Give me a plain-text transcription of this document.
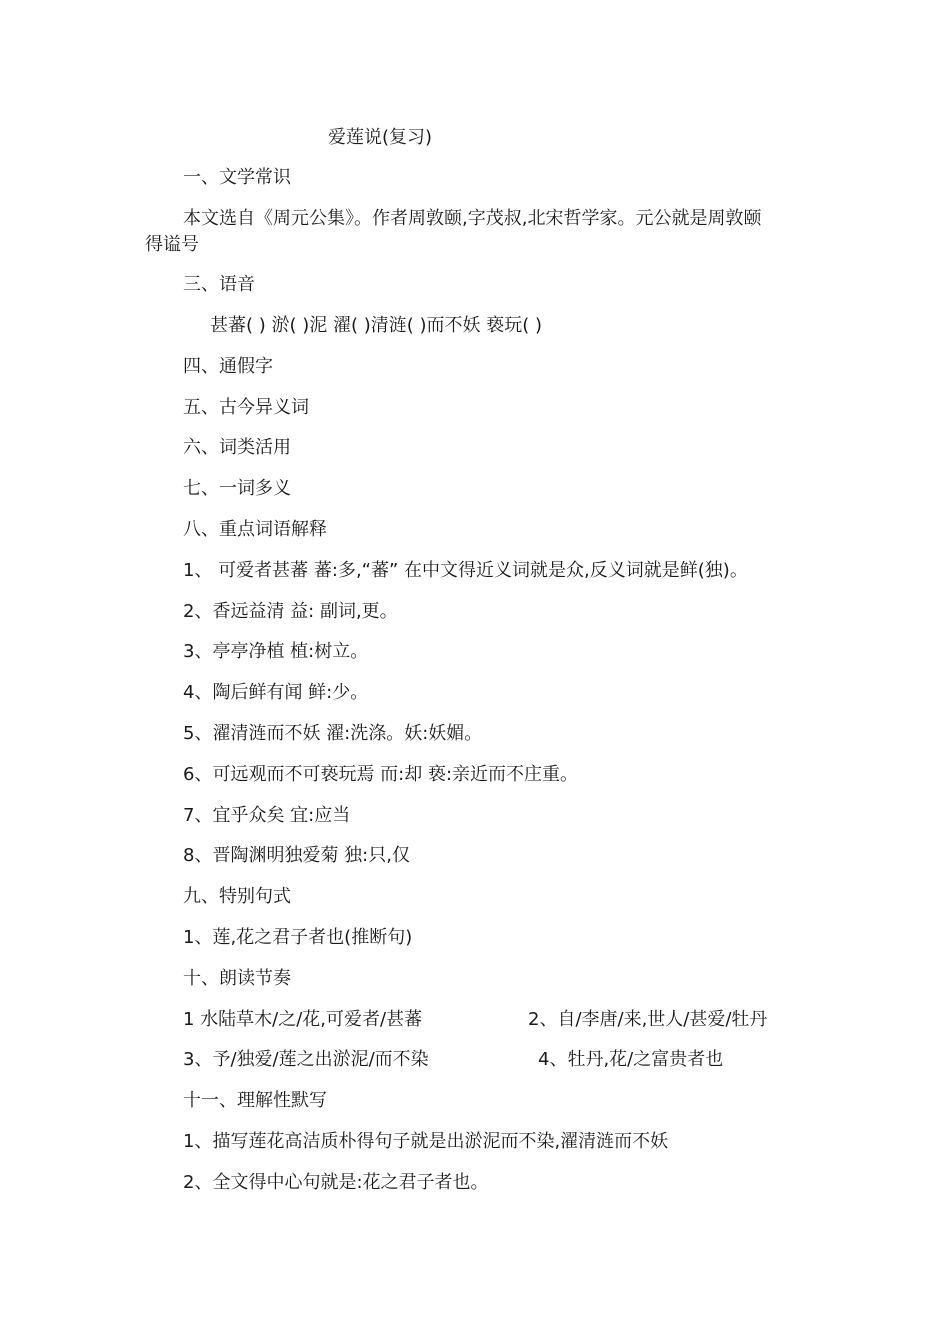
爱莲说(复习)
一、文学常识
本文选自《周元公集》。作者周敦颐,字茂叔,北宋哲学家。元公就是周敦颐
得谥号
三、语音
甚蕃( ) 淤( )泥 濯( )清涟( )而不妖 亵玩( )
四、通假字
五、古今异义词
六、词类活用
七、一词多义
八、重点词语解释
1、 可爱者甚蕃 蕃:多,“蕃” 在中文得近义词就是众,反义词就是鲜(独)。
2、香远益清 益: 副词,更。
3、亭亭净植 植:树立。
4、陶后鲜有闻 鲜:少。
5、濯清涟而不妖 濯:洗涤。妖:妖媚。
6、可远观而不可亵玩焉 而:却 亵:亲近而不庄重。
7、宜乎众矣 宜:应当
8、晋陶渊明独爱菊 独:只,仅
九、特别句式
1、莲,花之君子者也(推断句)
十、朗读节奏
1 水陆草木/之/花,可爱者/甚蕃	2、自/李唐/来,世人/甚爱/牡丹
3、予/独爱/莲之出淤泥/而不染	4、牡丹,花/之富贵者也
十一、理解性默写
1、描写莲花高洁质朴得句子就是出淤泥而不染,濯清涟而不妖
2、全文得中心句就是:花之君子者也。
